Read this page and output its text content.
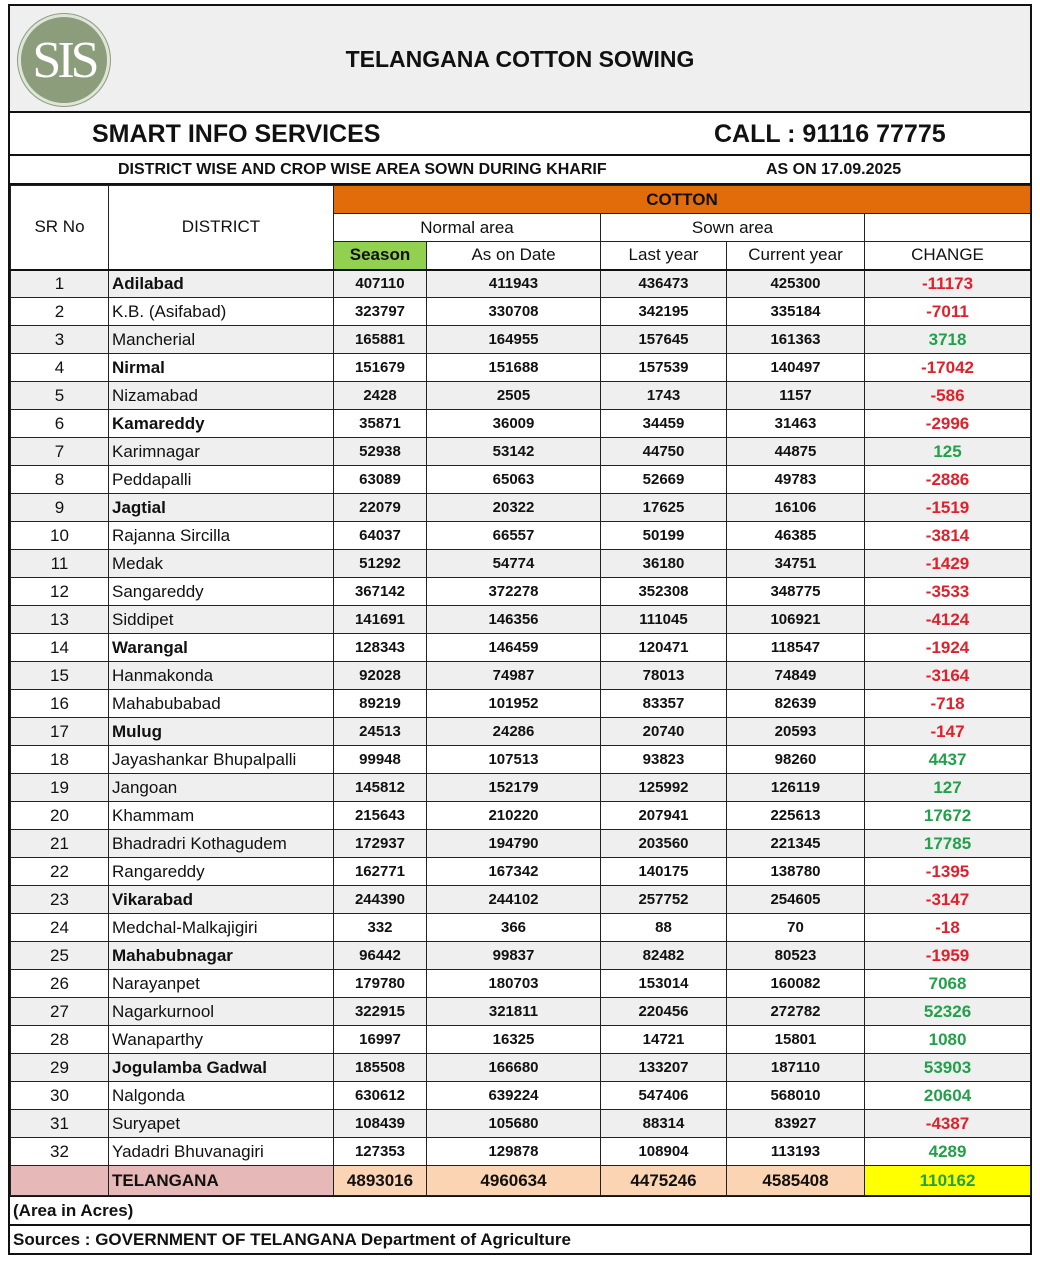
SIS	TELANGANA COTTON SOWING
SMART INFO SERVICES	CALL : 91116 77775
DISTRICT WISE AND CROP WISE AREA SOWN DURING KHARIF	AS ON 17.09.2025
SR No	DISTRICT	COTTON				
		Normal area		Sown area		
		Season	As on Date	Last year	Current year	CHANGE
1	Adilabad	407110	411943	436473	425300	-11173
2	K.B. (Asifabad)	323797	330708	342195	335184	-7011
3	Mancherial	165881	164955	157645	161363	3718
4	Nirmal	151679	151688	157539	140497	-17042
5	Nizamabad	2428	2505	1743	1157	-586
6	Kamareddy	35871	36009	34459	31463	-2996
7	Karimnagar	52938	53142	44750	44875	125
8	Peddapalli	63089	65063	52669	49783	-2886
9	Jagtial	22079	20322	17625	16106	-1519
10	Rajanna Sircilla	64037	66557	50199	46385	-3814
11	Medak	51292	54774	36180	34751	-1429
12	Sangareddy	367142	372278	352308	348775	-3533
13	Siddipet	141691	146356	111045	106921	-4124
14	Warangal	128343	146459	120471	118547	-1924
15	Hanmakonda	92028	74987	78013	74849	-3164
16	Mahabubabad	89219	101952	83357	82639	-718
17	Mulug	24513	24286	20740	20593	-147
18	Jayashankar Bhupalpalli	99948	107513	93823	98260	4437
19	Jangoan	145812	152179	125992	126119	127
20	Khammam	215643	210220	207941	225613	17672
21	Bhadradri Kothagudem	172937	194790	203560	221345	17785
22	Rangareddy	162771	167342	140175	138780	-1395
23	Vikarabad	244390	244102	257752	254605	-3147
24	Medchal-Malkajigiri	332	366	88	70	-18
25	Mahabubnagar	96442	99837	82482	80523	-1959
26	Narayanpet	179780	180703	153014	160082	7068
27	Nagarkurnool	322915	321811	220456	272782	52326
28	Wanaparthy	16997	16325	14721	15801	1080
29	Jogulamba Gadwal	185508	166680	133207	187110	53903
30	Nalgonda	630612	639224	547406	568010	20604
31	Suryapet	108439	105680	88314	83927	-4387
32	Yadadri Bhuvanagiri	127353	129878	108904	113193	4289
	TELANGANA	4893016	4960634	4475246	4585408	110162
(Area in Acres)
Sources : GOVERNMENT OF TELANGANA Department of Agriculture
